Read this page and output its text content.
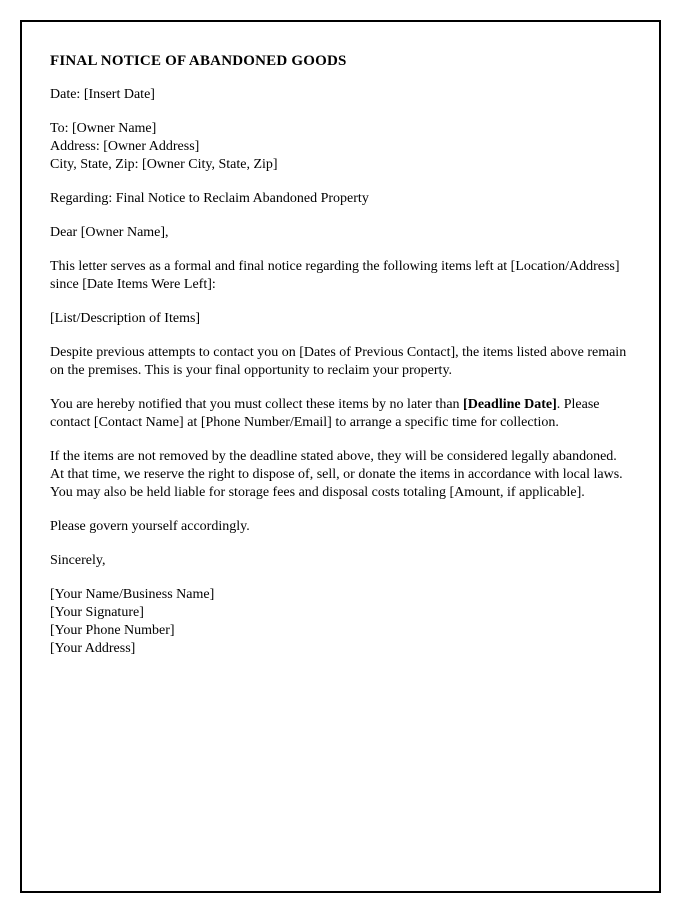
FINAL NOTICE OF ABANDONED GOODS

Date: [Insert Date]

To: [Owner Name]

Address: [Owner Address]

City, State, Zip: [Owner City, State, Zip]

Regarding: Final Notice to Reclaim Abandoned Property

Dear [Owner Name],

This letter serves as a formal and final notice regarding the following items left at [Location/Address] since [Date Items Were Left]:

[List/Description of Items]

Despite previous attempts to contact you on [Dates of Previous Contact], the items listed above remain on the premises. This is your final opportunity to reclaim your property.

You are hereby notified that you must collect these items by no later than [Deadline Date]. Please contact [Contact Name] at [Phone Number/Email] to arrange a specific time for collection.

If the items are not removed by the deadline stated above, they will be considered legally abandoned. At that time, we reserve the right to dispose of, sell, or donate the items in accordance with local laws. You may also be held liable for storage fees and disposal costs totaling [Amount, if applicable].

Please govern yourself accordingly.

Sincerely,

[Your Name/Business Name]

[Your Signature]

[Your Phone Number]

[Your Address]
